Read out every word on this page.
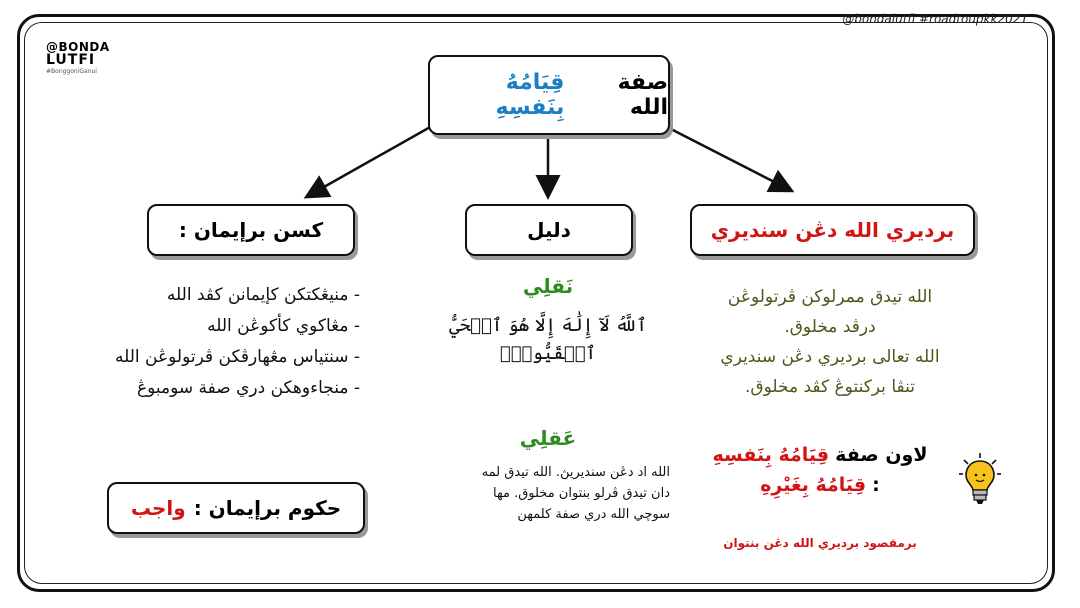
@bondalutfi #roadtoupkk2021
@BONDA
LUTFI
#BonggoniGanui	صفة الله
قِيَامُهُ بِنَفسِهِ
كسن برإيمان :	دليل	برديري الله دڠن سنديري
- منيڠكتكن كإيمانن كڤد الله
- مڠاكوي كأكوڠن الله
- سنتياس مڠهارڤكن ڤرتولوڠن الله
- منجاءوهكن دري صفة سومبوڠ
حكوم برإيمان :
واجب
نَقلِي
ٱللَّهُ لَآ إِلَٰهَ إِلَّا هُوَ ٱلۡحَيُّ
ٱلۡقَيُّومُۚ
عَقلِي
الله اد دڠن سنديريڽ. الله تيدق لمه
دان تيدق ڤرلو بنتوان مخلوق. مها
سوچي الله دري صفة كلمهن
الله تيدق ممرلوكن ڤرتولوڠن
درڤد مخلوق.
الله تعالى برديري دڠن سنديري
تنڤا بركنتوڠ كڤد مخلوق.
لاون صفة قِيَامُهُ بِنَفسِهِ
: قِيَامُهُ بِغَيْرِهِ
برمقصود برديري الله دڠن بنتوان
